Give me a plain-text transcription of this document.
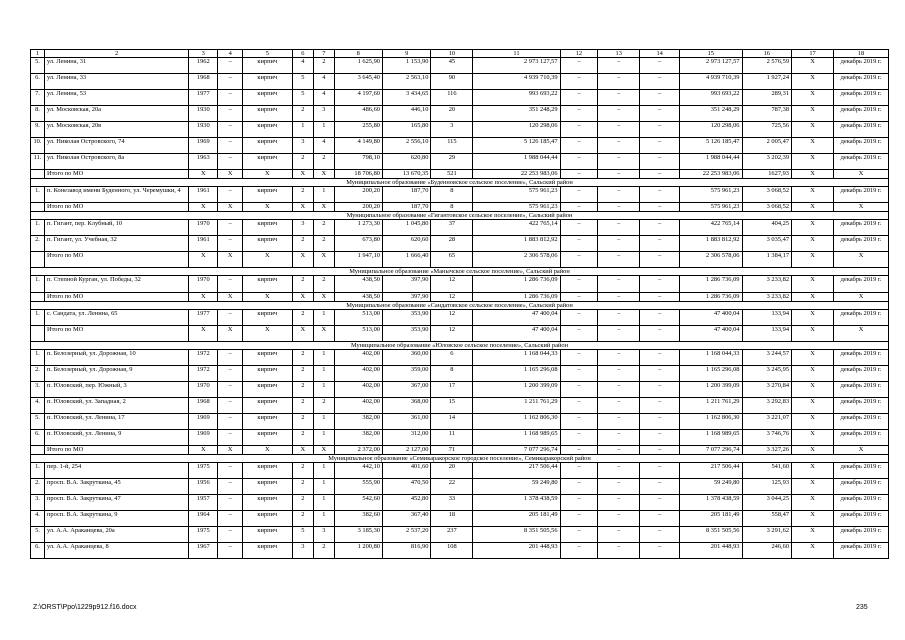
1	2	3	4	5	6	7	8	9	10	11	12	13	14	15	16	17	18
5.	ул. Ленина, 31	1962	–	кирпич	4	2	1 625,90	1 153,90	45	2 973 127,57	–	–	–	2 973 127,57	2 576,59	Х	декабрь 2019 г.
6.	ул. Ленина, 33	1968	–	кирпич	5	4	3 645,40	2 563,10	90	4 939 710,39	–	–	–	4 939 710,39	1 927,24	Х	декабрь 2019 г.
7.	ул. Ленина, 53	1977	–	кирпич	5	4	4 197,60	3 434,65	116	993 693,22	–	–	–	993 693,22	289,31	Х	декабрь 2019 г.
8.	ул. Московская, 20а	1930	–	кирпич	2	3	486,60	446,10	20	351 248,29	–	–	–	351 248,29	787,38	Х	декабрь 2019 г.
9.	ул. Московская, 20в	1930	–	кирпич	1	1	255,80	165,80	3	120 298,06	–	–	–	120 298,06	725,56	Х	декабрь 2019 г.
10.	ул. Николая Островского, 74	1969	–	кирпич	3	4	4 149,80	2 556,10	115	5 126 185,47	–	–	–	5 126 185,47	2 005,47	Х	декабрь 2019 г.
11.	ул. Николая Островского, 8а	1963	–	кирпич	2	2	798,10	620,80	29	1 988 044,44	–	–	–	1 988 044,44	3 202,39	Х	декабрь 2019 г.
	Итого по МО	Х	Х	Х	Х	Х	18 706,80	13 670,35	521	22 253 983,06	–	–	–	22 253 983,06	1627,93	Х	Х
Муниципальное образование «Буденновское сельское поселение», Сальский район																	
1.	п. Конезавод имени Буденного, ул. Черемушки, 4	1961	–	кирпич	2	1	200,20	187,70	8	575 961,23	–	–	–	575 961,23	3 068,52	Х	декабрь 2019 г.
	Итого по МО	Х	Х	Х	Х	Х	200,20	187,70	8	575 961,23	–	–	–	575 961,23	3 068,52	Х	Х
Муниципальное образование «Гигантовское сельское поселение», Сальский район																	
1.	п. Гигант, пер. Клубный, 10	1970	–	кирпич	3	2	1 273,30	1 045,80	37	422 765,14	–	–	–	422 765,14	404,25	Х	декабрь 2019 г.
2.	п. Гигант, ул. Учебная, 32	1961	–	кирпич	2	2	673,80	620,60	28	1 883 812,92	–	–	–	1 883 812,92	3 035,47	Х	декабрь 2019 г.
	Итого по МО	Х	Х	Х	Х	Х	1 947,10	1 666,40	65	2 306 578,06	–	–	–	2 306 578,06	1 384,17	Х	Х
Муниципальное образование «Манычское сельское поселение», Сальский район																	
1.	п. Степной Курган, ул. Победы, 32	1970	–	кирпич	2	2	438,50	397,90	12	1 286 736,09	–	–	–	1 286 736,09	3 233,82	Х	декабрь 2019 г.
	Итого по МО	Х	Х	Х	Х	Х	438,50	397,90	12	1 286 736,09	–	–	–	1 286 736,09	3 233,82	Х	Х
Муниципальное образование «Сандатовское сельское поселение», Сальский район																	
1.	с. Сандата, ул. Ленина, 65	1977	–	кирпич	2	1	513,00	353,90	12	47 400,04	–	–	–	47 400,04	133,94	Х	декабрь 2019 г.
	Итого по МО	Х	Х	Х	Х	Х	513,00	353,90	12	47 400,04	–	–	–	47 400,04	133,94	Х	Х
Муниципальное образование «Юловское сельское поселение», Сальский район																	
1.	п. Белозерный, ул. Дорожная, 10	1972	–	кирпич	2	1	402,00	360,00	6	1 168 044,33	–	–	–	1 168 044,33	3 244,57	Х	декабрь 2019 г.
2.	п. Белозерный, ул. Дорожная, 9	1972	–	кирпич	2	1	402,00	359,00	8	1 165 296,08	–	–	–	1 165 296,08	3 245,95	Х	декабрь 2019 г.
3.	п. Юловский, пер. Южный, 3	1970	–	кирпич	2	1	402,00	367,00	17	1 200 399,09	–	–	–	1 200 399,09	3 270,84	Х	декабрь 2019 г.
4.	п. Юловский, ул. Западная, 2	1968	–	кирпич	2	2	402,00	368,00	15	1 211 761,29	–	–	–	1 211 761,29	3 292,83	Х	декабрь 2019 г.
5.	п. Юловский, ул. Ленина, 17	1969	–	кирпич	2	1	382,00	361,00	14	1 162 806,30	–	–	–	1 162 806,30	3 221,07	Х	декабрь 2019 г.
6.	п. Юловский, ул. Ленина, 9	1969	–	кирпич	2	1	382,00	312,00	11	1 168 989,65	–	–	–	1 168 989,65	3 746,76	Х	декабрь 2019 г.
	Итого по МО	Х	Х	Х	Х	Х	2 372,00	2 127,00	71	7 077 296,74	–	–	–	7 077 296,74	3 327,26	Х	Х
Муниципальное образование «Семикаракорское городское поселение», Семикаракорский район																	
1.	пер. 1-й, 254	1975	–	кирпич	2	1	442,10	401,60	20	217 506,44	–	–	–	217 506,44	541,60	Х	декабрь 2019 г.
2.	просп. В.А. Закруткина, 45	1956	–	кирпич	2	1	555,90	470,50	22	59 249,80	–	–	–	59 249,80	125,93	Х	декабрь 2019 г.
3.	просп. В.А. Закруткина, 47	1957	–	кирпич	2	1	542,60	452,80	33	1 378 438,59	–	–	–	1 378 438,59	3 044,25	Х	декабрь 2019 г.
4.	просп. В.А. Закруткина, 9	1964	–	кирпич	2	1	382,60	367,40	18	205 181,49	–	–	–	205 181,49	558,47	Х	декабрь 2019 г.
5.	ул. А.А. Араканцева, 20а	1975	–	кирпич	5	3	3 185,30	2 537,20	237	8 351 505,56	–	–	–	8 351 505,56	3 291,62	Х	декабрь 2019 г.
6.	ул. А.А. Араканцева, 8	1967	–	кирпич	3	2	1 200,80	816,90	108	201 448,93	–	–	–	201 448,93	246,60	Х	декабрь 2019 г.
Z:\ORST\Ppo\1229p912.f16.docx	235
